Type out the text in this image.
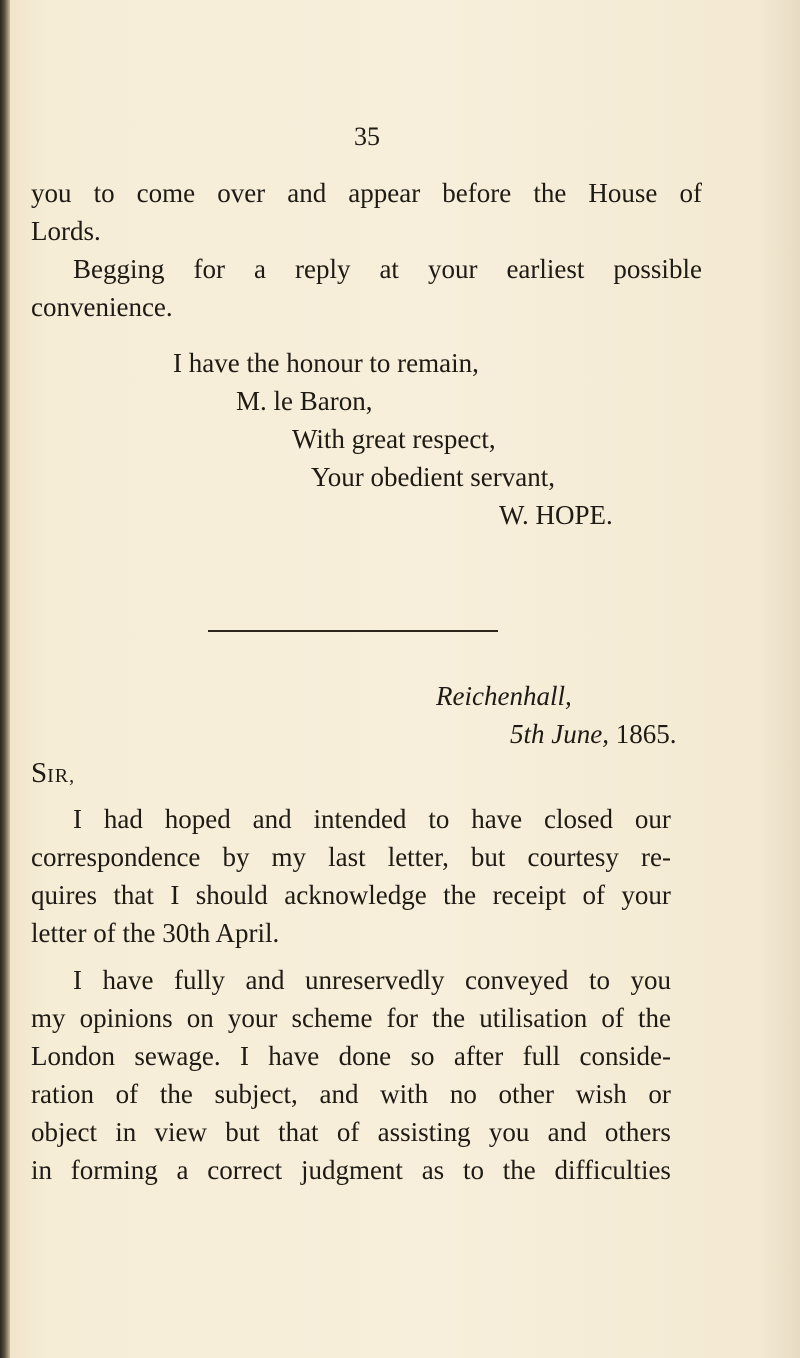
35
you to come over and appear before the House of
Lords.
Begging for a reply at your earliest possible
convenience.
I have the honour to remain,
M. le Baron,
With great respect,
Your obedient servant,
W. HOPE.
Reichenhall,
5th June, 1865.
SIR,
I had hoped and intended to have closed our
correspondence by my last letter, but courtesy re-
quires that I should acknowledge the receipt of your
letter of the 30th April.
I have fully and unreservedly conveyed to you
my opinions on your scheme for the utilisation of the
London sewage. I have done so after full conside-
ration of the subject, and with no other wish or
object in view but that of assisting you and others
in forming a correct judgment as to the difficulties
